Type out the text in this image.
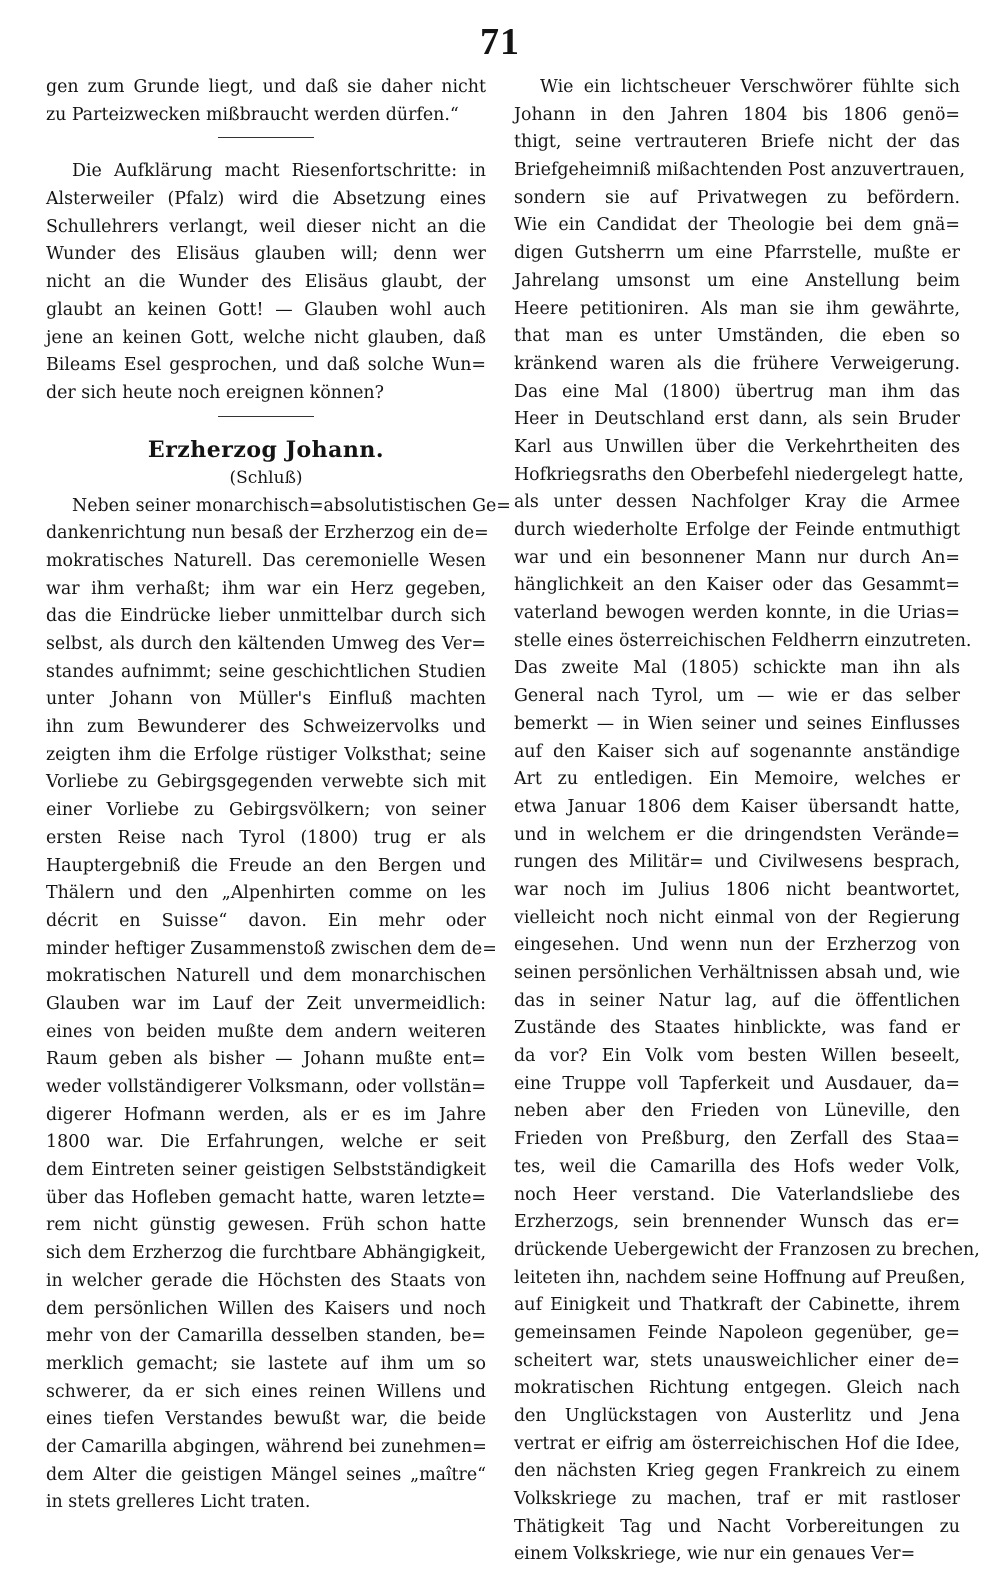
71
gen zum Grunde liegt, und daß sie daher nicht
zu Parteizwecken mißbraucht werden dürfen.“
Die Aufklärung macht Riesenfortschritte: in
Alsterweiler (Pfalz) wird die Absetzung eines
Schullehrers verlangt, weil dieser nicht an die
Wunder des Elisäus glauben will; denn wer
nicht an die Wunder des Elisäus glaubt, der
glaubt an keinen Gott! — Glauben wohl auch
jene an keinen Gott, welche nicht glauben, daß
Bileams Esel gesprochen, und daß solche Wun=
der sich heute noch ereignen können?
Erzherzog Johann.
(Schluß)
Neben seiner monarchisch=absolutistischen Ge=
dankenrichtung nun besaß der Erzherzog ein de=
mokratisches Naturell. Das ceremonielle Wesen
war ihm verhaßt; ihm war ein Herz gegeben,
das die Eindrücke lieber unmittelbar durch sich
selbst, als durch den kältenden Umweg des Ver=
standes aufnimmt; seine geschichtlichen Studien
unter Johann von Müller's Einfluß machten
ihn zum Bewunderer des Schweizervolks und
zeigten ihm die Erfolge rüstiger Volksthat; seine
Vorliebe zu Gebirgsgegenden verwebte sich mit
einer Vorliebe zu Gebirgsvölkern; von seiner
ersten Reise nach Tyrol (1800) trug er als
Hauptergebniß die Freude an den Bergen und
Thälern und den „Alpenhirten comme on les
décrit en Suisse“ davon. Ein mehr oder
minder heftiger Zusammenstoß zwischen dem de=
mokratischen Naturell und dem monarchischen
Glauben war im Lauf der Zeit unvermeidlich:
eines von beiden mußte dem andern weiteren
Raum geben als bisher — Johann mußte ent=
weder vollständigerer Volksmann, oder vollstän=
digerer Hofmann werden, als er es im Jahre
1800 war. Die Erfahrungen, welche er seit
dem Eintreten seiner geistigen Selbstständigkeit
über das Hofleben gemacht hatte, waren letzte=
rem nicht günstig gewesen. Früh schon hatte
sich dem Erzherzog die furchtbare Abhängigkeit,
in welcher gerade die Höchsten des Staats von
dem persönlichen Willen des Kaisers und noch
mehr von der Camarilla desselben standen, be=
merklich gemacht; sie lastete auf ihm um so
schwerer, da er sich eines reinen Willens und
eines tiefen Verstandes bewußt war, die beide
der Camarilla abgingen, während bei zunehmen=
dem Alter die geistigen Mängel seines „maître“
in stets grelleres Licht traten.
Wie ein lichtscheuer Verschwörer fühlte sich
Johann in den Jahren 1804 bis 1806 genö=
thigt, seine vertrauteren Briefe nicht der das
Briefgeheimniß mißachtenden Post anzuvertrauen,
sondern sie auf Privatwegen zu befördern.
Wie ein Candidat der Theologie bei dem gnä=
digen Gutsherrn um eine Pfarrstelle, mußte er
Jahrelang umsonst um eine Anstellung beim
Heere petitioniren. Als man sie ihm gewährte,
that man es unter Umständen, die eben so
kränkend waren als die frühere Verweigerung.
Das eine Mal (1800) übertrug man ihm das
Heer in Deutschland erst dann, als sein Bruder
Karl aus Unwillen über die Verkehrtheiten des
Hofkriegsraths den Oberbefehl niedergelegt hatte,
als unter dessen Nachfolger Kray die Armee
durch wiederholte Erfolge der Feinde entmuthigt
war und ein besonnener Mann nur durch An=
hänglichkeit an den Kaiser oder das Gesammt=
vaterland bewogen werden konnte, in die Urias=
stelle eines österreichischen Feldherrn einzutreten.
Das zweite Mal (1805) schickte man ihn als
General nach Tyrol, um — wie er das selber
bemerkt — in Wien seiner und seines Einflusses
auf den Kaiser sich auf sogenannte anständige
Art zu entledigen. Ein Memoire, welches er
etwa Januar 1806 dem Kaiser übersandt hatte,
und in welchem er die dringendsten Verände=
rungen des Militär= und Civilwesens besprach,
war noch im Julius 1806 nicht beantwortet,
vielleicht noch nicht einmal von der Regierung
eingesehen. Und wenn nun der Erzherzog von
seinen persönlichen Verhältnissen absah und, wie
das in seiner Natur lag, auf die öffentlichen
Zustände des Staates hinblickte, was fand er
da vor? Ein Volk vom besten Willen beseelt,
eine Truppe voll Tapferkeit und Ausdauer, da=
neben aber den Frieden von Lüneville, den
Frieden von Preßburg, den Zerfall des Staa=
tes, weil die Camarilla des Hofs weder Volk,
noch Heer verstand. Die Vaterlandsliebe des
Erzherzogs, sein brennender Wunsch das er=
drückende Uebergewicht der Franzosen zu brechen,
leiteten ihn, nachdem seine Hoffnung auf Preußen,
auf Einigkeit und Thatkraft der Cabinette, ihrem
gemeinsamen Feinde Napoleon gegenüber, ge=
scheitert war, stets unausweichlicher einer de=
mokratischen Richtung entgegen. Gleich nach
den Unglückstagen von Austerlitz und Jena
vertrat er eifrig am österreichischen Hof die Idee,
den nächsten Krieg gegen Frankreich zu einem
Volkskriege zu machen, traf er mit rastloser
Thätigkeit Tag und Nacht Vorbereitungen zu
einem Volkskriege, wie nur ein genaues Ver=
